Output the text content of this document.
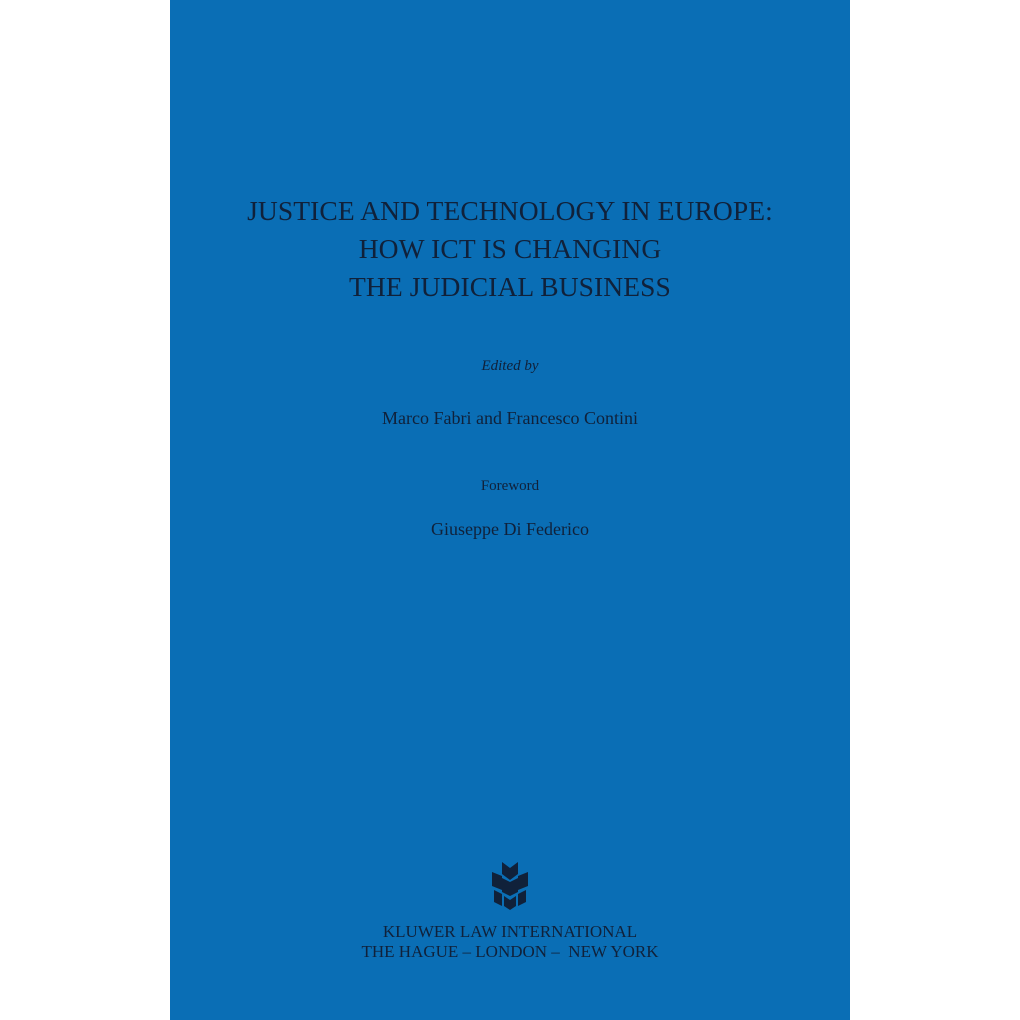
JUSTICE AND TECHNOLOGY IN EUROPE:
HOW ICT IS CHANGING
THE JUDICIAL BUSINESS
Edited by
Marco Fabri and Francesco Contini
Foreword
Giuseppe Di Federico
KLUWER LAW INTERNATIONAL
THE HAGUE – LONDON –  NEW YORK
